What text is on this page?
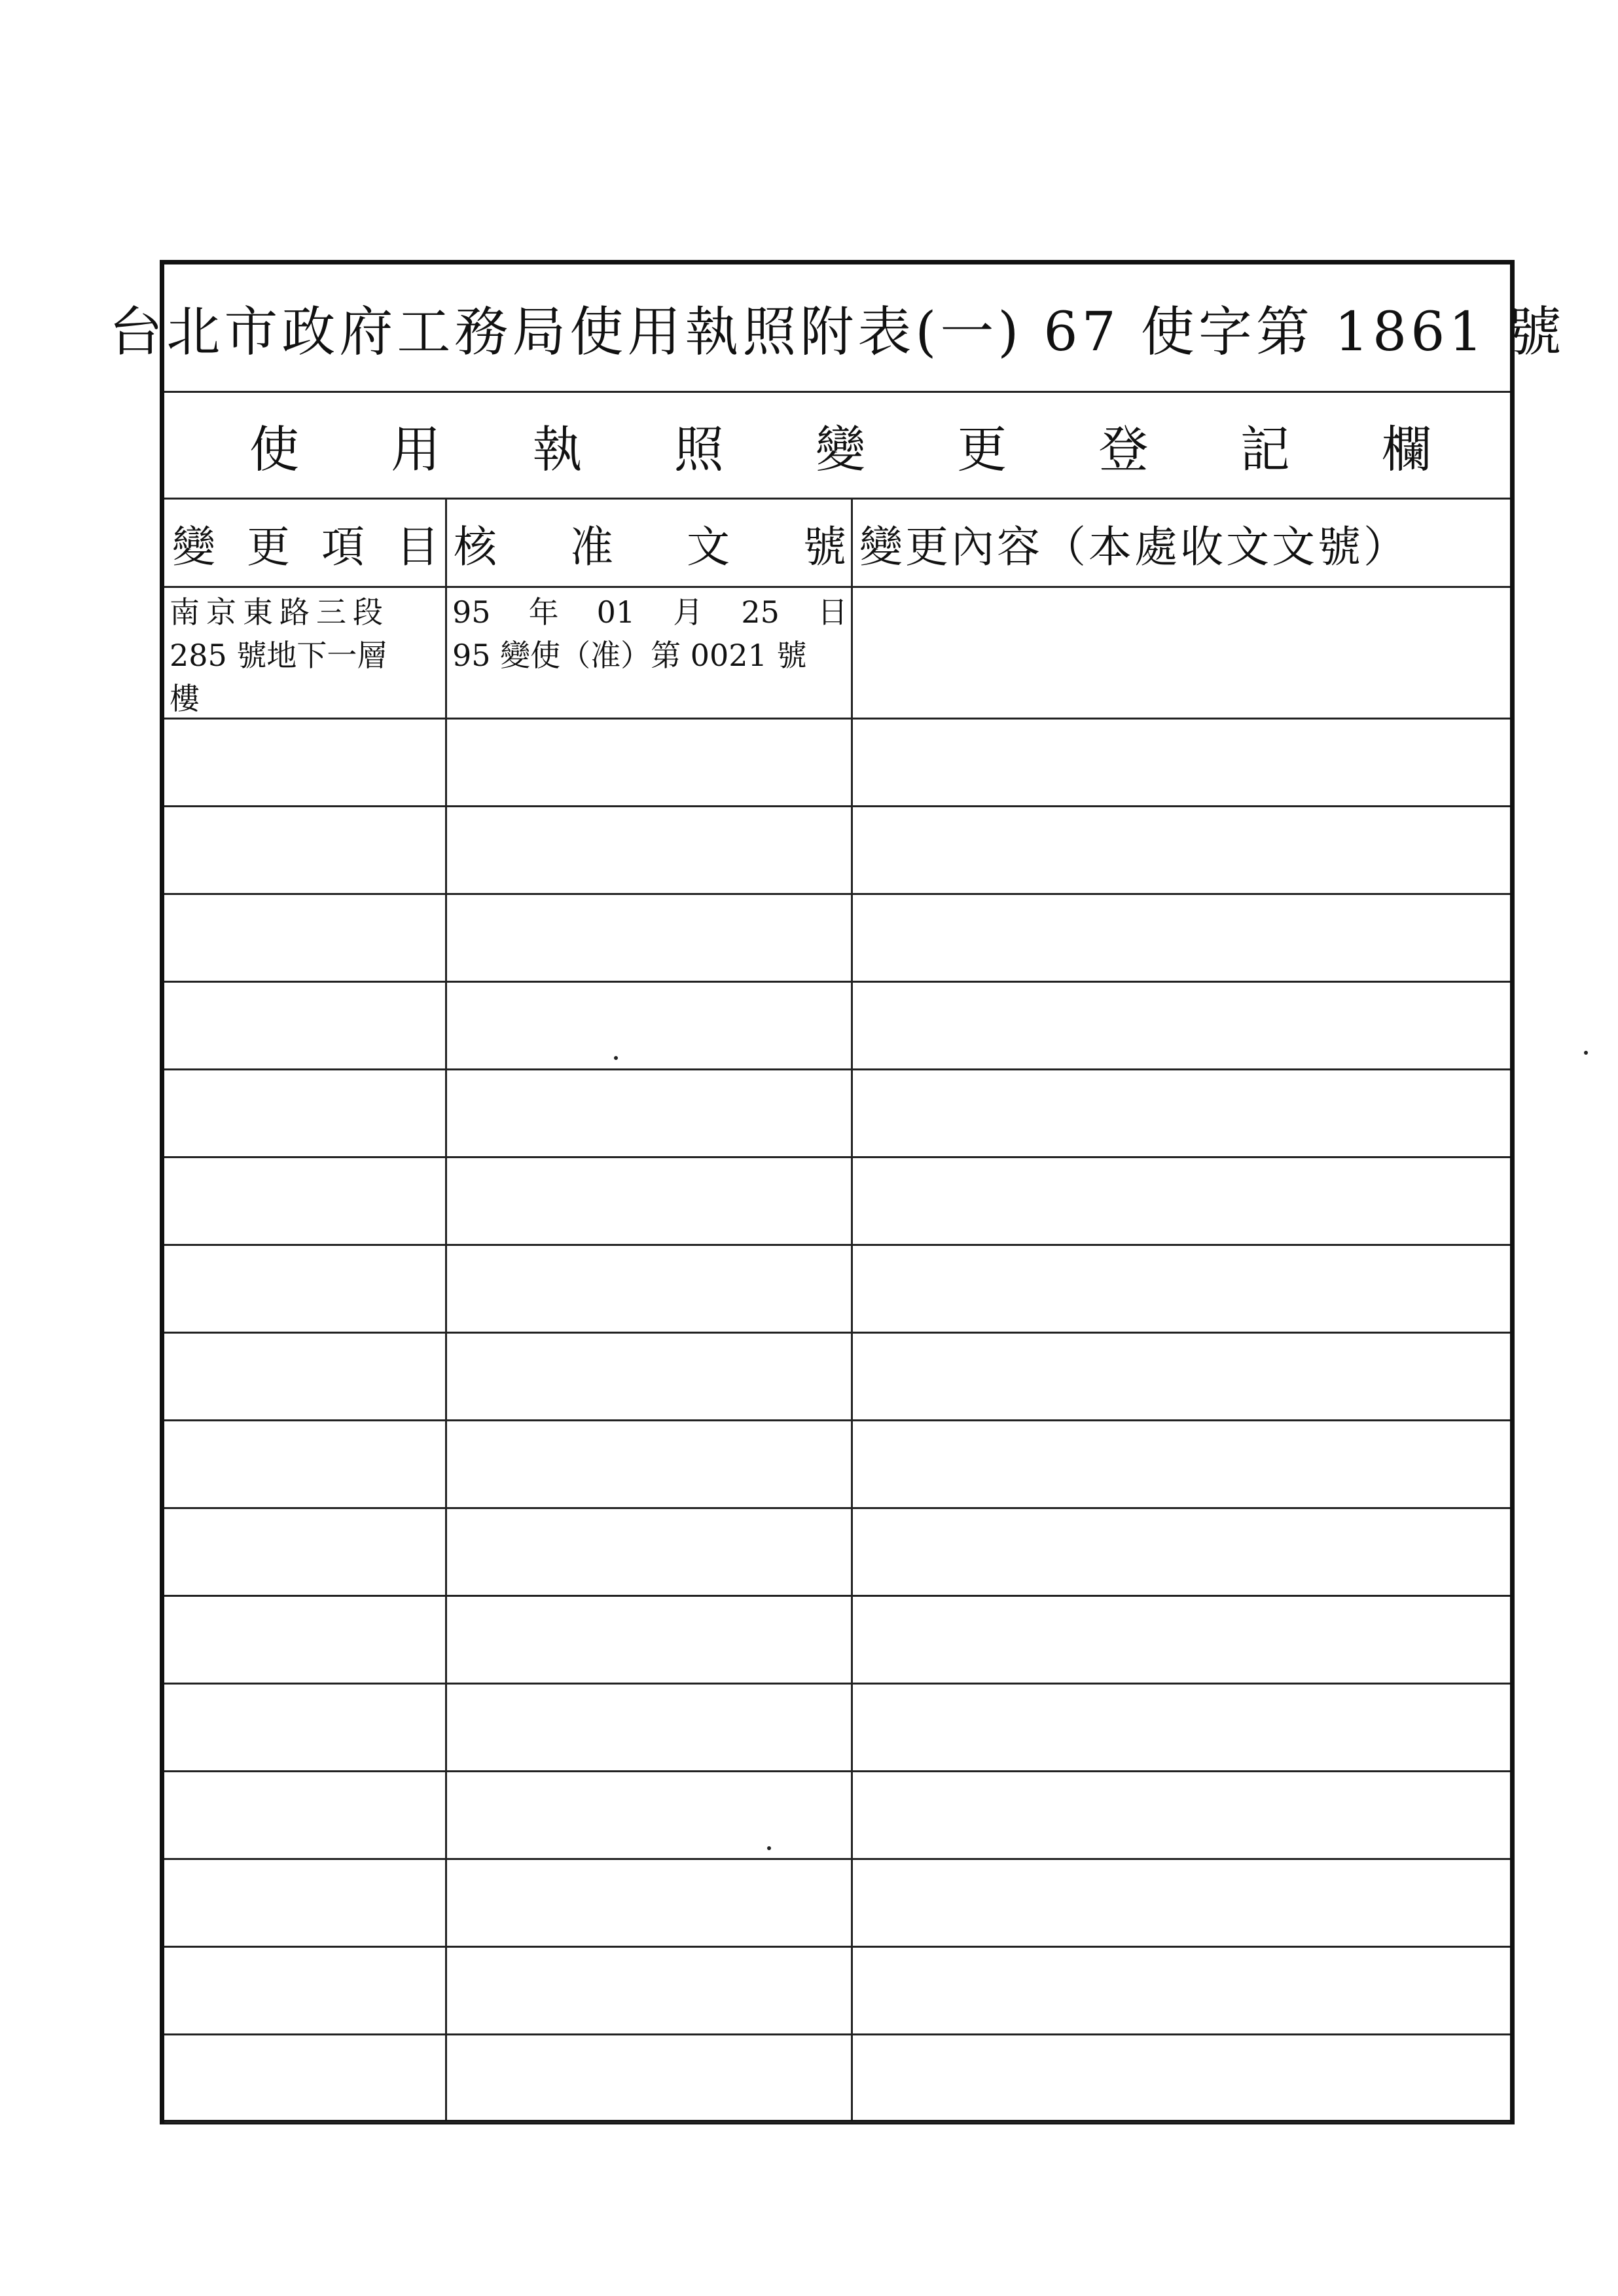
台北市政府工務局使用執照附表(一) 67 使字第 1861 號
使 用 執 照 變 更 登 記 欄
變 更 項 目 核 准 文 號 變更內容（本處收文文號）
南京東路三段
285 號地下一層
樓
95 年 01 月 25 日
95 變使（准）第 0021 號
